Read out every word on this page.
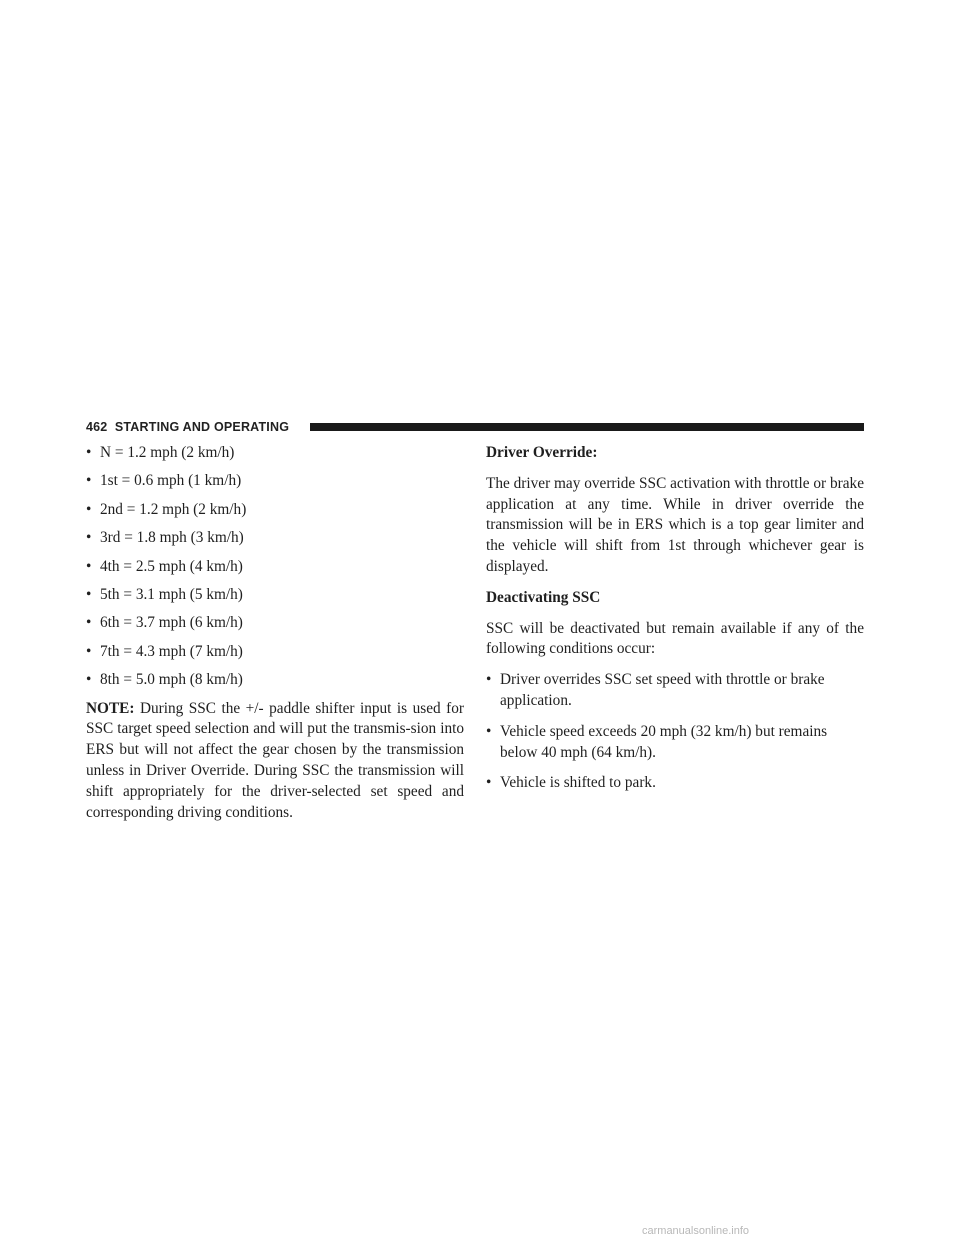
462 STARTING AND OPERATING
• N = 1.2 mph (2 km/h)
• 1st = 0.6 mph (1 km/h)
• 2nd = 1.2 mph (2 km/h)
• 3rd = 1.8 mph (3 km/h)
• 4th = 2.5 mph (4 km/h)
• 5th = 3.1 mph (5 km/h)
• 6th = 3.7 mph (6 km/h)
• 7th = 4.3 mph (7 km/h)
• 8th = 5.0 mph (8 km/h)

NOTE: During SSC the +/- paddle shifter input is used for SSC target speed selection and will put the transmis-sion into ERS but will not affect the gear chosen by the transmission unless in Driver Override. During SSC the transmission will shift appropriately for the driver-selected set speed and corresponding driving conditions.

Driver Override:

The driver may override SSC activation with throttle or brake application at any time. While in driver override the transmission will be in ERS which is a top gear limiter and the vehicle will shift from 1st through whichever gear is displayed.

Deactivating SSC

SSC will be deactivated but remain available if any of the following conditions occur:

• Driver overrides SSC set speed with throttle or brake application.
• Vehicle speed exceeds 20 mph (32 km/h) but remains below 40 mph (64 km/h).
• Vehicle is shifted to park.
carmanualsonline.info
